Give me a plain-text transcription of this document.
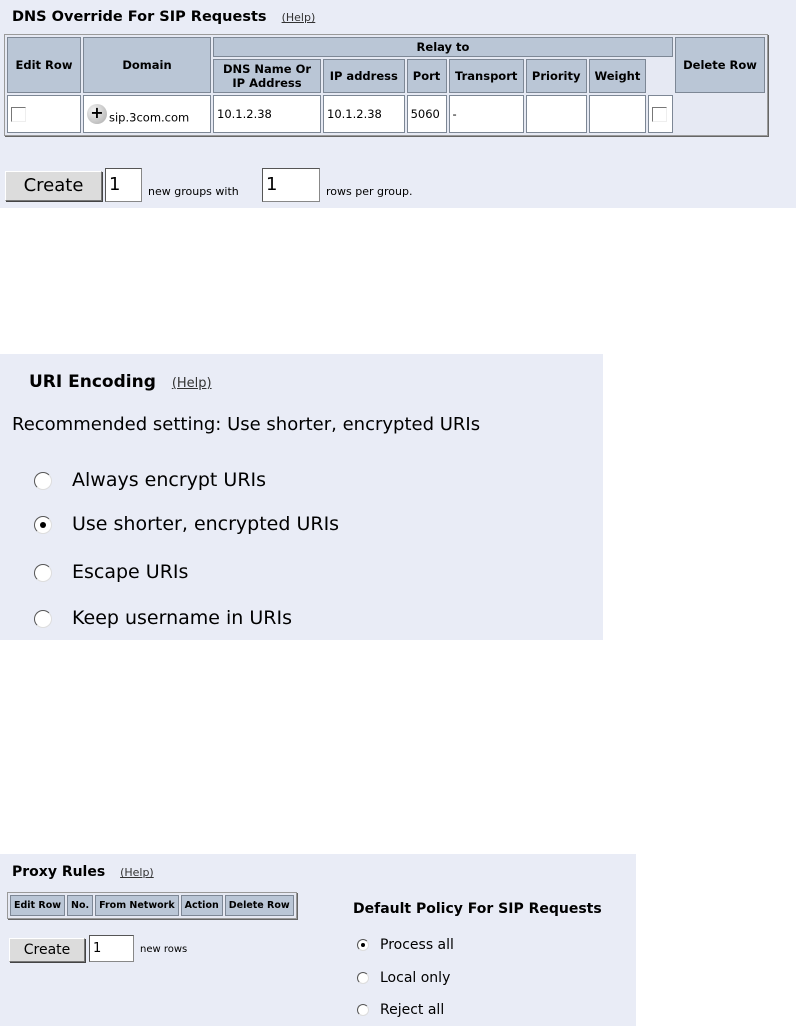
DNS Override For SIP Requests (Help)
Edit Row	Domain	Relay to							Delete Row
		DNS Name Or IP Address	IP address	Port	Transport	Priority	Weight		
	+ sip.3com.com	10.1.2.38	10.1.2.38	5060	-				
Create	1	new groups with 1	rows per group.
URI Encoding (Help)
Recommended setting: Use shorter, encrypted URIs
Always encrypt URIs
Use shorter, encrypted URIs
Escape URIs
Keep username in URIs
Proxy Rules (Help)
Edit Row	No.	From Network	Action	Delete Row
Create	1	new rows
Default Policy For SIP Requests
Process all
Local only
Reject all
